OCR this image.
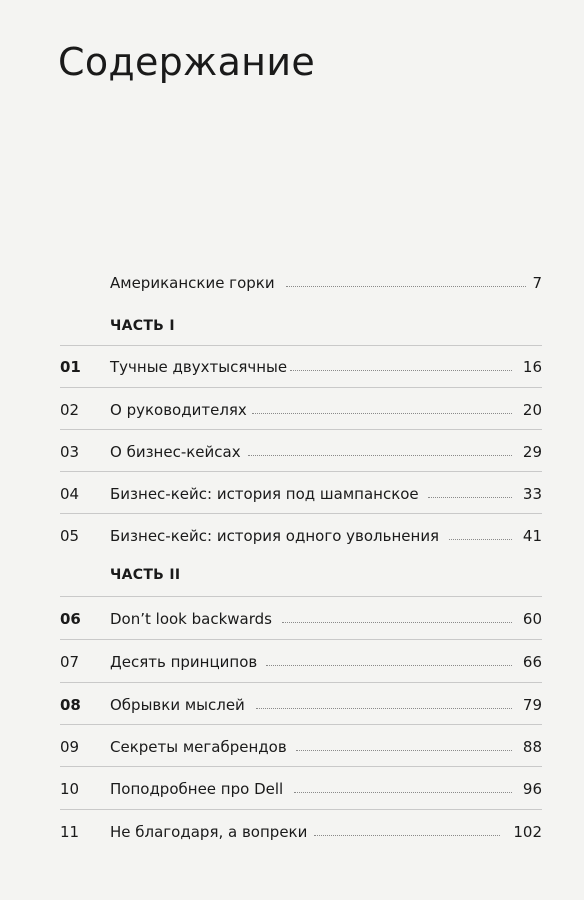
Содержание
Американские горки	7
ЧАСТЬ I
01	Тучные двухтысячные	16
02	О руководителях	20
03	О бизнес-кейсах	29
04	Бизнес-кейс: история под шампанское	33
05	Бизнес-кейс: история одного увольнения	41
ЧАСТЬ II
06	Don’t look backwards	60
07	Десять принципов	66
08	Обрывки мыслей	79
09	Секреты мегабрендов	88
10	Поподробнее про Dell	96
11	Не благодаря, а вопреки	102
